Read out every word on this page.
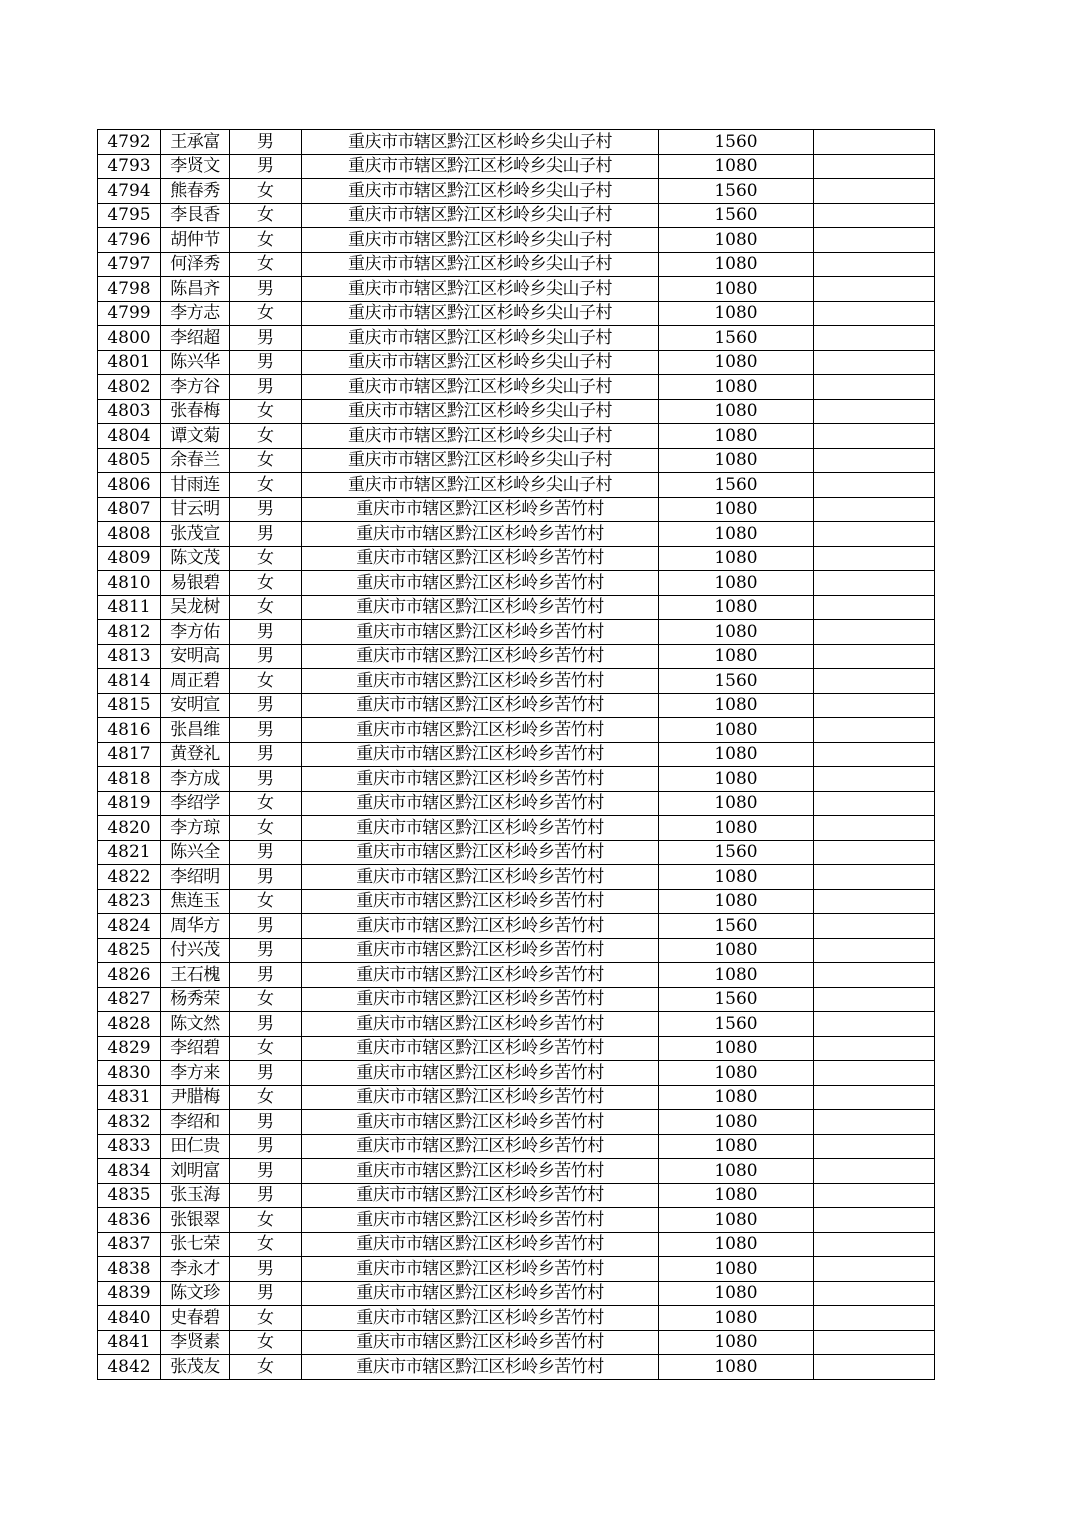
4792	王承富	男	重庆市市辖区黔江区杉岭乡尖山子村	1560	
4793	李贤文	男	重庆市市辖区黔江区杉岭乡尖山子村	1080	
4794	熊春秀	女	重庆市市辖区黔江区杉岭乡尖山子村	1560	
4795	李艮香	女	重庆市市辖区黔江区杉岭乡尖山子村	1560	
4796	胡仲节	女	重庆市市辖区黔江区杉岭乡尖山子村	1080	
4797	何泽秀	女	重庆市市辖区黔江区杉岭乡尖山子村	1080	
4798	陈昌齐	男	重庆市市辖区黔江区杉岭乡尖山子村	1080	
4799	李方志	女	重庆市市辖区黔江区杉岭乡尖山子村	1080	
4800	李绍超	男	重庆市市辖区黔江区杉岭乡尖山子村	1560	
4801	陈兴华	男	重庆市市辖区黔江区杉岭乡尖山子村	1080	
4802	李方谷	男	重庆市市辖区黔江区杉岭乡尖山子村	1080	
4803	张春梅	女	重庆市市辖区黔江区杉岭乡尖山子村	1080	
4804	谭文菊	女	重庆市市辖区黔江区杉岭乡尖山子村	1080	
4805	余春兰	女	重庆市市辖区黔江区杉岭乡尖山子村	1080	
4806	甘雨连	女	重庆市市辖区黔江区杉岭乡尖山子村	1560	
4807	甘云明	男	重庆市市辖区黔江区杉岭乡苦竹村	1080	
4808	张茂宣	男	重庆市市辖区黔江区杉岭乡苦竹村	1080	
4809	陈文茂	女	重庆市市辖区黔江区杉岭乡苦竹村	1080	
4810	易银碧	女	重庆市市辖区黔江区杉岭乡苦竹村	1080	
4811	吴龙树	女	重庆市市辖区黔江区杉岭乡苦竹村	1080	
4812	李方佑	男	重庆市市辖区黔江区杉岭乡苦竹村	1080	
4813	安明高	男	重庆市市辖区黔江区杉岭乡苦竹村	1080	
4814	周正碧	女	重庆市市辖区黔江区杉岭乡苦竹村	1560	
4815	安明宣	男	重庆市市辖区黔江区杉岭乡苦竹村	1080	
4816	张昌维	男	重庆市市辖区黔江区杉岭乡苦竹村	1080	
4817	黄登礼	男	重庆市市辖区黔江区杉岭乡苦竹村	1080	
4818	李方成	男	重庆市市辖区黔江区杉岭乡苦竹村	1080	
4819	李绍学	女	重庆市市辖区黔江区杉岭乡苦竹村	1080	
4820	李方琼	女	重庆市市辖区黔江区杉岭乡苦竹村	1080	
4821	陈兴全	男	重庆市市辖区黔江区杉岭乡苦竹村	1560	
4822	李绍明	男	重庆市市辖区黔江区杉岭乡苦竹村	1080	
4823	焦连玉	女	重庆市市辖区黔江区杉岭乡苦竹村	1080	
4824	周华方	男	重庆市市辖区黔江区杉岭乡苦竹村	1560	
4825	付兴茂	男	重庆市市辖区黔江区杉岭乡苦竹村	1080	
4826	王石槐	男	重庆市市辖区黔江区杉岭乡苦竹村	1080	
4827	杨秀荣	女	重庆市市辖区黔江区杉岭乡苦竹村	1560	
4828	陈文然	男	重庆市市辖区黔江区杉岭乡苦竹村	1560	
4829	李绍碧	女	重庆市市辖区黔江区杉岭乡苦竹村	1080	
4830	李方来	男	重庆市市辖区黔江区杉岭乡苦竹村	1080	
4831	尹腊梅	女	重庆市市辖区黔江区杉岭乡苦竹村	1080	
4832	李绍和	男	重庆市市辖区黔江区杉岭乡苦竹村	1080	
4833	田仁贵	男	重庆市市辖区黔江区杉岭乡苦竹村	1080	
4834	刘明富	男	重庆市市辖区黔江区杉岭乡苦竹村	1080	
4835	张玉海	男	重庆市市辖区黔江区杉岭乡苦竹村	1080	
4836	张银翠	女	重庆市市辖区黔江区杉岭乡苦竹村	1080	
4837	张七荣	女	重庆市市辖区黔江区杉岭乡苦竹村	1080	
4838	李永才	男	重庆市市辖区黔江区杉岭乡苦竹村	1080	
4839	陈文珍	男	重庆市市辖区黔江区杉岭乡苦竹村	1080	
4840	史春碧	女	重庆市市辖区黔江区杉岭乡苦竹村	1080	
4841	李贤素	女	重庆市市辖区黔江区杉岭乡苦竹村	1080	
4842	张茂友	女	重庆市市辖区黔江区杉岭乡苦竹村	1080	
